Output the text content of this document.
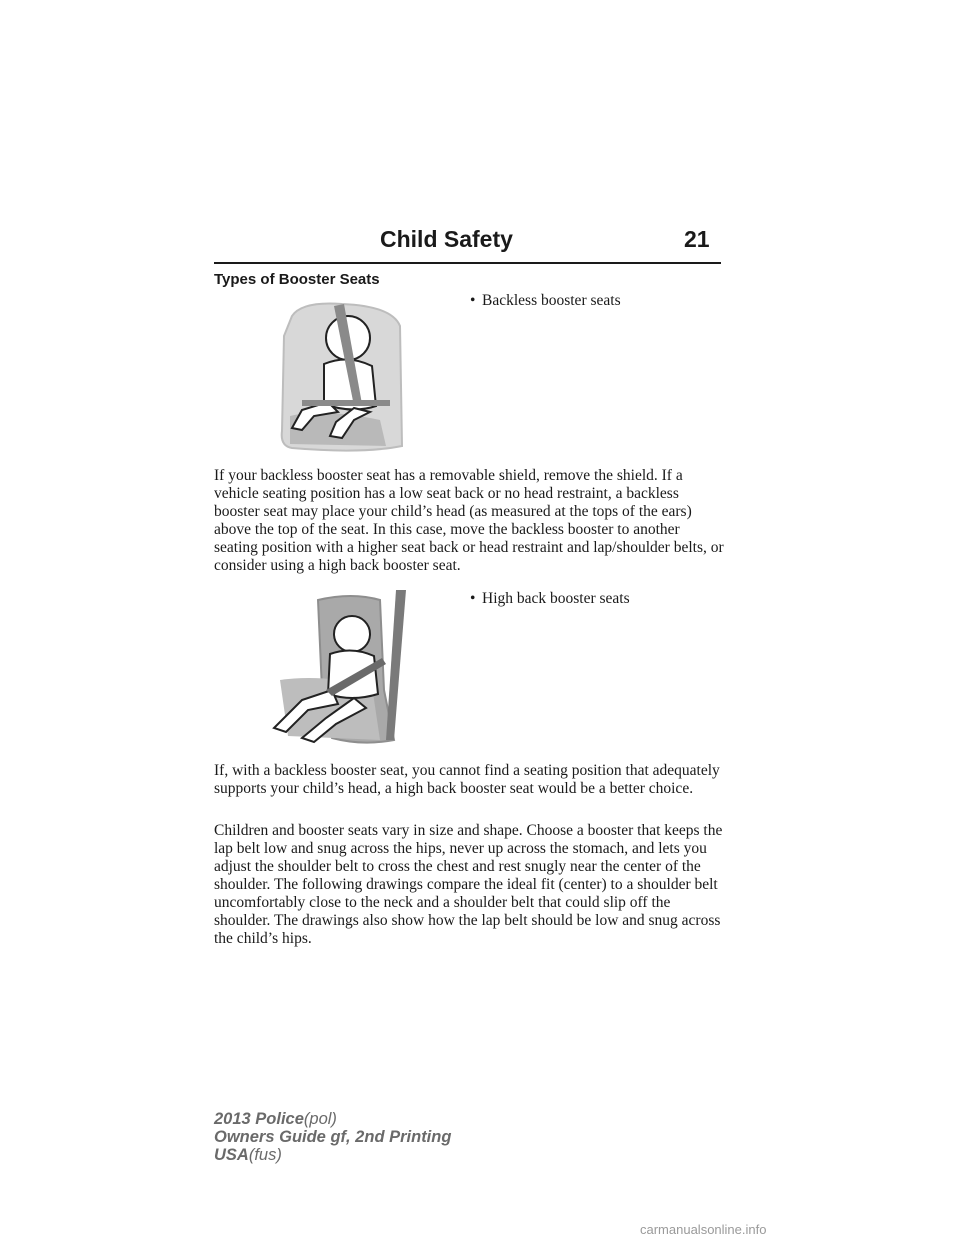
Child Safety	21
Types of Booster Seats
• Backless booster seats
If your backless booster seat has a removable shield, remove the shield. If a vehicle seating position has a low seat back or no head restraint, a backless booster seat may place your child’s head (as measured at the tops of the ears) above the top of the seat. In this case, move the backless booster to another seating position with a higher seat back or head restraint and lap/shoulder belts, or consider using a high back booster seat.
• High back booster seats
If, with a backless booster seat, you cannot find a seating position that adequately supports your child’s head, a high back booster seat would be a better choice.
Children and booster seats vary in size and shape. Choose a booster that keeps the lap belt low and snug across the hips, never up across the stomach, and lets you adjust the shoulder belt to cross the chest and rest snugly near the center of the shoulder. The following drawings compare the ideal fit (center) to a shoulder belt uncomfortably close to the neck and a shoulder belt that could slip off the shoulder. The drawings also show how the lap belt should be low and snug across the child’s hips.
2013 Police(pol)
Owners Guide gf, 2nd Printing
USA(fus)
carmanualsonline.info
